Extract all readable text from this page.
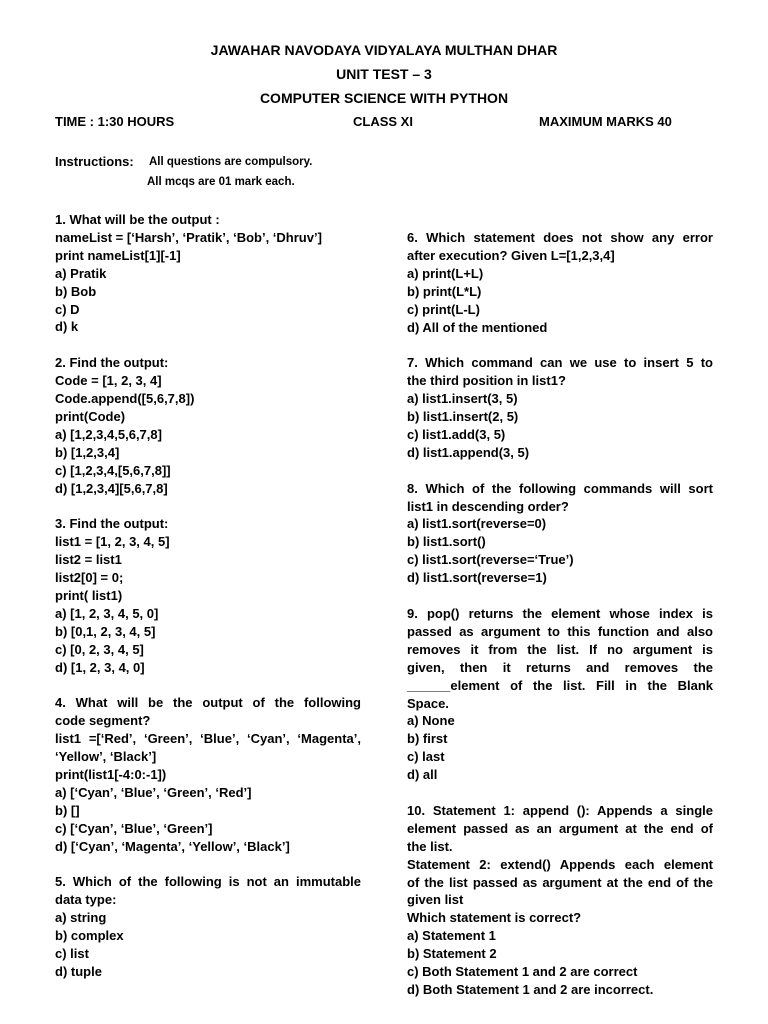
JAWAHAR NAVODAYA VIDYALAYA MULTHAN DHAR
UNIT TEST – 3
COMPUTER SCIENCE WITH PYTHON
TIME : 1:30 HOURS	CLASS XI	MAXIMUM MARKS 40
Instructions: All questions are compulsory.
All mcqs are 01 mark each.
1. What will be the output :
nameList = [‘Harsh’, ‘Pratik’, ‘Bob’, ‘Dhruv’]
print nameList[1][-1]
a) Pratik
b) Bob
c) D
d) k
2. Find the output:
Code = [1, 2, 3, 4]
Code.append([5,6,7,8])
print(Code)
a) [1,2,3,4,5,6,7,8]
b) [1,2,3,4]
c) [1,2,3,4,[5,6,7,8]]
d) [1,2,3,4][5,6,7,8]
3. Find the output:
list1 = [1, 2, 3, 4, 5]
list2 = list1
list2[0] = 0;
print( list1)
a) [1, 2, 3, 4, 5, 0]
b) [0,1, 2, 3, 4, 5]
c) [0, 2, 3, 4, 5]
d) [1, 2, 3, 4, 0]
4. What will be the output of the following
code segment?
list1 =[‘Red’, ‘Green’, ‘Blue’, ‘Cyan’, ‘Magenta’,
‘Yellow’, ‘Black’]
print(list1[-4:0:-1])
a) [‘Cyan’, ‘Blue’, ‘Green’, ‘Red’]
b) []
c) [‘Cyan’, ‘Blue’, ‘Green’]
d) [‘Cyan’, ‘Magenta’, ‘Yellow’, ‘Black’]
5. Which of the following is not an immutable
data type:
a) string
b) complex
c) list
d) tuple
6. Which statement does not show any error
after execution? Given L=[1,2,3,4]
a) print(L+L)
b) print(L*L)
c) print(L-L)
d) All of the mentioned
7. Which command can we use to insert 5 to
the third position in list1?
a) list1.insert(3, 5)
b) list1.insert(2, 5)
c) list1.add(3, 5)
d) list1.append(3, 5)
8. Which of the following commands will sort
list1 in descending order?
a) list1.sort(reverse=0)
b) list1.sort()
c) list1.sort(reverse=‘True’)
d) list1.sort(reverse=1)
9. pop() returns the element whose index is
passed as argument to this function and also
removes it from the list. If no argument is
given, then it returns and removes the
______element of the list. Fill in the Blank
Space.
a) None
b) first
c) last
d) all
10. Statement 1: append (): Appends a single
element passed as an argument at the end of
the list.
Statement 2: extend() Appends each element
of the list passed as argument at the end of the
given list
Which statement is correct?
a) Statement 1
b) Statement 2
c) Both Statement 1 and 2 are correct
d) Both Statement 1 and 2 are incorrect.
